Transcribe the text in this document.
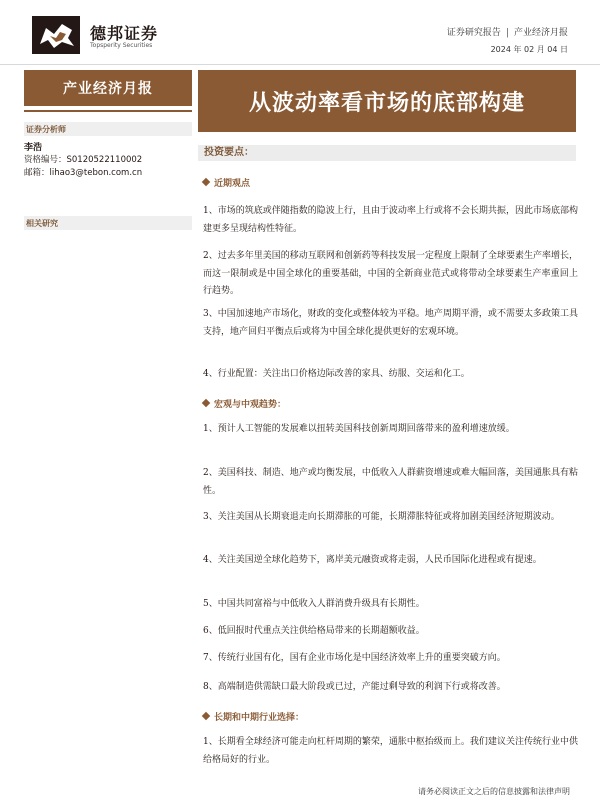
德邦证券
Topsperity Securities
证券研究报告 | 产业经济月报
2024 年 02 月 04 日
产业经济月报
从波动率看市场的底部构建
证券分析师
李浩
资格编号：S0120522110002
邮箱：lihao3@tebon.com.cn
相关研究
投资要点：
近期观点
1、市场的筑底或伴随指数的隐波上行，且由于波动率上行或将不会长期共振，因此市场底部构建更多呈现结构性特征。
2、过去多年里美国的移动互联网和创新药等科技发展一定程度上限制了全球要素生产率增长，而这一限制或是中国全球化的重要基础，中国的全新商业范式或将带动全球要素生产率重回上行趋势。
3、中国加速地产市场化，财政的变化或整体较为平稳。地产周期平滑，或不需要太多政策工具支持，地产回归平衡点后或将为中国全球化提供更好的宏观环境。
4、行业配置：关注出口价格边际改善的家具、纺服、交运和化工。
宏观与中观趋势：
1、预计人工智能的发展难以扭转美国科技创新周期回落带来的盈利增速放缓。
2、美国科技、制造、地产或均衡发展，中低收入人群薪资增速或难大幅回落，美国通胀具有粘性。
3、关注美国从长期衰退走向长期滞胀的可能，长期滞胀特征或将加剧美国经济短期波动。
4、关注美国逆全球化趋势下，离岸美元融资或将走弱，人民币国际化进程或有提速。
5、中国共同富裕与中低收入人群消费升级具有长期性。
6、低回报时代重点关注供给格局带来的长期超额收益。
7、传统行业国有化，国有企业市场化是中国经济效率上升的重要突破方向。
8、高端制造供需缺口最大阶段或已过，产能过剩导致的利润下行或将改善。
长期和中期行业选择：
1、长期看全球经济可能走向杠杆周期的繁荣，通胀中枢抬级而上。我们建议关注传统行业中供给格局好的行业。
请务必阅读正文之后的信息披露和法律声明
